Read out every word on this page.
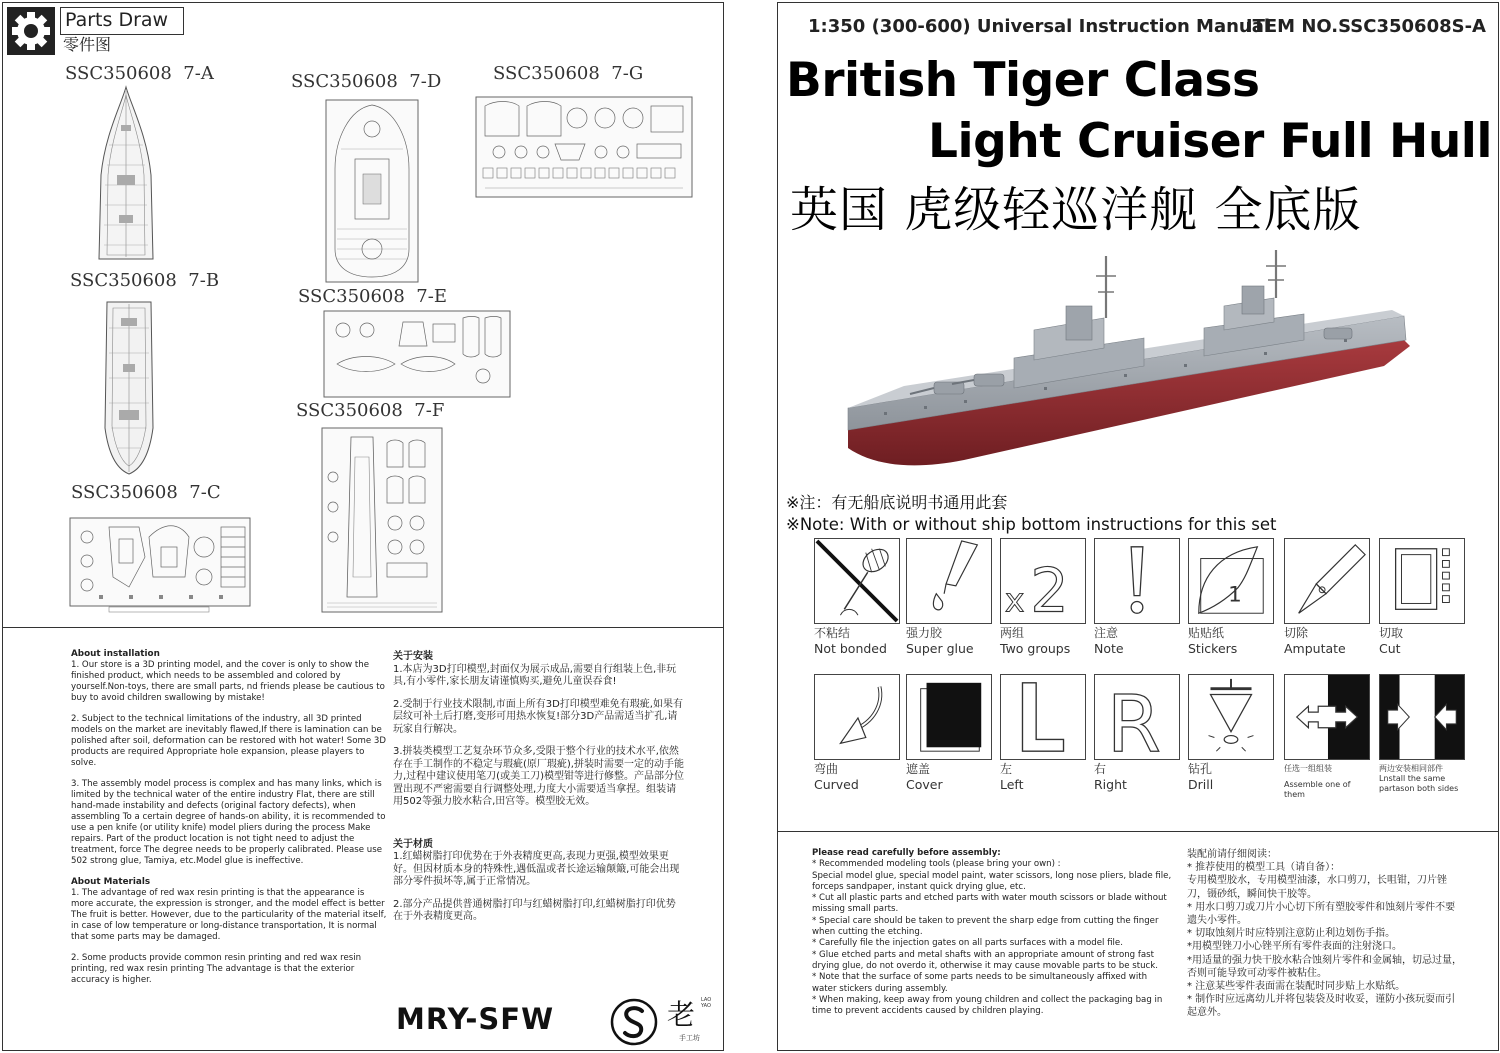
Parts Draw
零件图
SSC350608 7-A
SSC350608 7-B
SSC350608 7-C
SSC350608 7-D
SSC350608 7-E
SSC350608 7-F
SSC350608 7-G
About installation

1. Our store is a 3D printing model, and the cover is only to show the finished product, which needs to be assembled and colored by yourself.Non-toys, there are small parts, nd friends please be cautious to buy to avoid children swallowing by mistake!

2. Subject to the technical limitations of the industry, all 3D printed models on the market are inevitably flawed,If there is lamination can be polished after soil, deformation can be restored with hot water! Some 3D products are required Appropriate hole expansion, please players to solve.

3. The assembly model process is complex and has many links, which is limited by the technical water of the entire industry Flat, there are still hand-made instability and defects (original factory defects), when assembling To a certain degree of hands-on ability, it is recommended to use a pen knife (or utility knife) model pliers during the process Make repairs. Part of the product location is not tight need to adjust the treatment, force The degree needs to be properly calibrated. Please use 502 strong glue, Tamiya, etc.Model glue is ineffective.

About Materials

1. The advantage of red wax resin printing is that the appearance is more accurate, the expression is stronger, and the model effect is better The fruit is better. However, due to the particularity of the material itself, in case of low temperature or long-distance transportation, It is normal that some parts may be damaged.

2. Some products provide common resin printing and red wax resin printing, red wax resin printing The advantage is that the exterior accuracy is higher.

关于安装

1.本店为3D打印模型,封面仅为展示成品,需要自行组装上色,非玩具,有小零件,家长朋友请谨慎购买,避免儿童误吞食!

2.受制于行业技术限制,市面上所有3D打印模型难免有瑕疵,如果有层纹可补土后打磨,变形可用热水恢复!部分3D产品需适当扩孔,请玩家自行解决。

3.拼装类模型工艺复杂环节众多,受限于整个行业的技术水平,依然存在手工制作的不稳定与瑕疵(原厂瑕疵),拼装时需要一定的动手能力,过程中建议使用笔刀(或美工刀)模型钳等进行修整。产品部分位置出现不严密需要自行调整处理,力度大小需要适当拿捏。组装请用502等强力胶水粘合,田宫等。模型胶无效。

关于材质

1.红蜡树脂打印优势在于外表精度更高,表现力更强,模型效果更好。但因材质本身的特殊性,遇低温或者长途运输颠簸,可能会出现部分零件损坏等,属于正常情况。

2.部分产品提供普通树脂打印与红蜡树脂打印,红蜡树脂打印优势在于外表精度更高。

MRY-SFW	老 LAO YAO
手工坊
1:350 (300-600) Universal Instruction Manual
ITEM NO.SSC350608S-A
British Tiger Class
Light Cruiser Full Hull
英国 虎级轻巡洋舰 全底版
※注：有无船底说明书通用此套
※Note: With or without ship bottom instructions for this set
不粘结
Not bonded
强力胶
Super glue
x 2
两组
Two groups
注意
Note
1
贴贴纸
Stickers
切除
Amputate
切取
Cut
弯曲
Curved
遮盖
Cover
左
Left
R
右
Right
钻孔
Drill
任选一组组装
Assemble one of them
两边安装相同部件
Lnstall the same partason both sides
Please read carefully before assembly:
* Recommended modeling tools (please bring your own) :
Special model glue, special model paint, water scissors, long nose pliers, blade file, forceps sandpaper, instant quick drying glue, etc.
* Cut all plastic parts and etched parts with water mouth scissors or blade without missing small parts.
* Special care should be taken to prevent the sharp edge from cutting the finger when cutting the etching.
* Carefully file the injection gates on all parts surfaces with a model file.
* Glue etched parts and metal shafts with an appropriate amount of strong fast drying glue, do not overdo it, otherwise it may cause movable parts to be stuck.
* Note that the surface of some parts needs to be simultaneously affixed with water stickers during assembly.
* When making, keep away from young children and collect the packaging bag in time to prevent accidents caused by children playing.
装配前请仔细阅读：
* 推荐使用的模型工具（请自备）：
专用模型胶水，专用模型油漆，水口剪刀，长咀钳，刀片锉刀，镊砂纸，瞬间快干胶等。
* 用水口剪刀或刀片小心切下所有塑胶零件和蚀刻片零件不要遗失小零件。
* 切取蚀刻片时应特别注意防止利边划伤手指。
*用模型锉刀小心锉平所有零件表面的注射浇口。
*用适量的强力快干胶水粘合蚀刻片零件和金属轴，切忌过量，否则可能导致可动零件被粘住。
* 注意某些零件表面需在装配时同步贴上水贴纸。
* 制作时应远离幼儿并将包装袋及时收妥，谨防小孩玩耍而引起意外。
